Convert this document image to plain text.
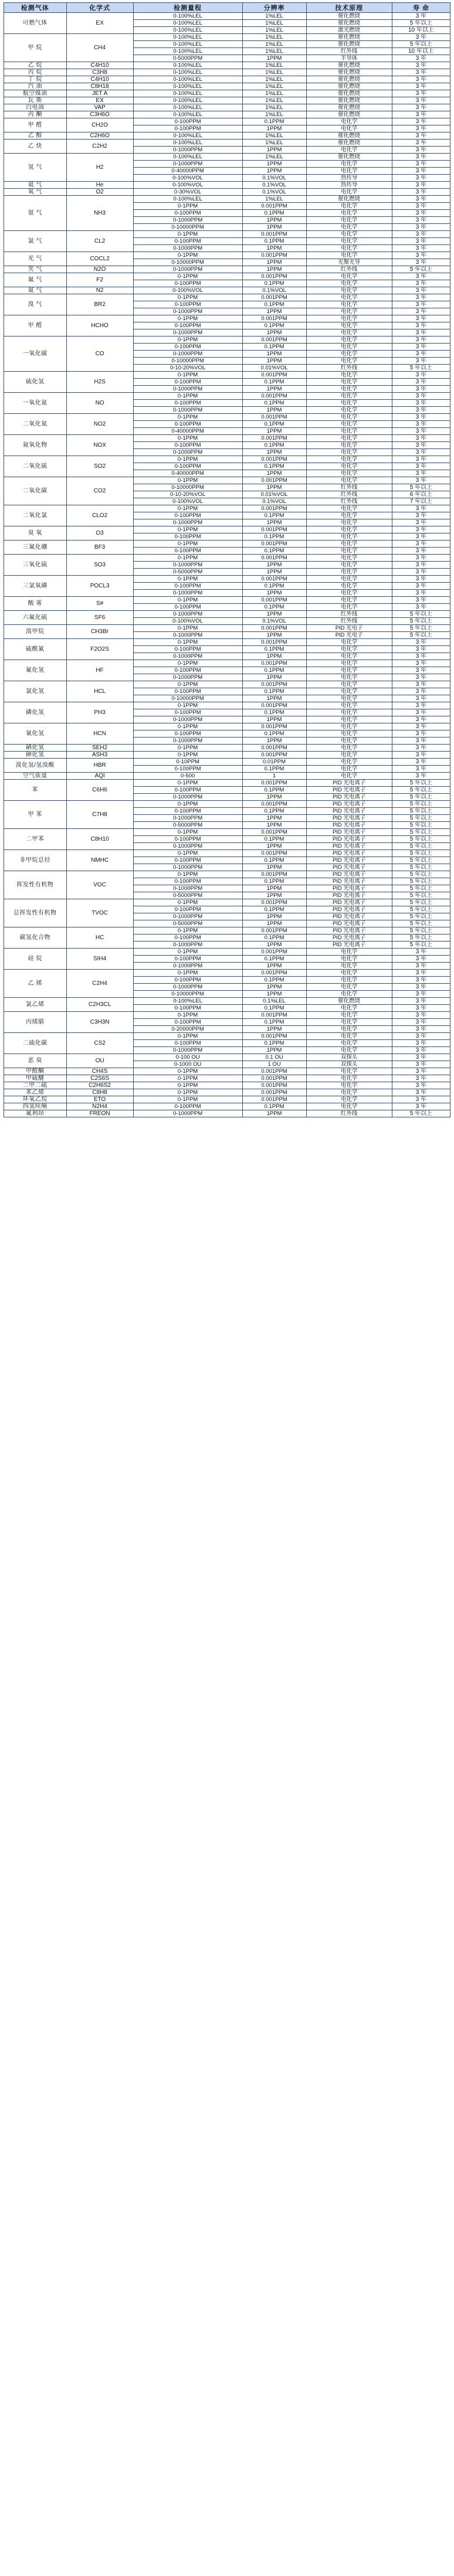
检测气体	化学式	检测量程	分辨率	技术原理	寿 命
可燃气体	EX	0-100%LEL	1%LEL	催化燃烧	3 年
		0-100%LEL	1%LEL	催化燃烧	5 年以上
		0-100%LEL	1%LEL	激光燃烧	10 年以上
甲 烷	CH4	0-100%LEL	1%LEL	催化燃烧	3 年
		0-100%LEL	1%LEL	催化燃烧	5 年以上
		0-100%LEL	1%LEL	红外线	10 年以上
		0-5000PPM	1PPM	半导体	3 年
乙 烷	C4H10	0-100%LEL	1%LEL	催化燃烧	3 年
丙 烷	C3H8	0-100%LEL	1%LEL	催化燃烧	3 年
丁 烷	C4H10	0-100%LEL	1%LEL	催化燃烧	3 年
汽 油	C8H18	0-100%LEL	1%LEL	催化燃烧	3 年
航空煤油	JET A	0-100%LEL	1%LEL	催化燃烧	3 年
瓦 斯	EX	0-100%LEL	1%LEL	催化燃烧	3 年
白电油	VAP	0-100%LEL	1%LEL	催化燃烧	3 年
丙 酮	C3H6O	0-100%LEL	1%LEL	催化燃烧	3 年
甲 醛	CH2O	0-100PPM	0.1PPM	电化学	3 年
		0-100PPM	1PPM	电化学	3 年
乙 醇	C2H6O	0-100%LEL	1%LEL	催化燃烧	3 年
乙 炔	C2H2	0-100%LEL	1%LEL	催化燃烧	3 年
		0-1000PPM	1PPM	电化学	3 年
氢 气	H2	0-100%LEL	1%LEL	催化燃烧	3 年
		0-1000PPM	1PPM	电化学	3 年
		0-40000PPM	1PPM	电化学	3 年
		0-100%VOL	0.1%VOL	热传导	3 年
氦 气	He	0-100%VOL	0.1%VOL	热传导	3 年
氧 气	O2	0-30%VOL	0.1%VOL	电化学	3 年
氨 气	NH3	0-100%LEL	1%LEL	催化燃烧	3 年
		0-1PPM	0.001PPM	电化学	3 年
		0-100PPM	0.1PPM	电化学	3 年
		0-1000PPM	1PPM	电化学	3 年
		0-10000PPM	1PPM	电化学	3 年
氯 气	CL2	0-1PPM	0.001PPM	电化学	3 年
		0-100PPM	0.1PPM	电化学	3 年
		0-1000PPM	1PPM	电化学	3 年
光 气	COCL2	0-1PPM	0.001PPM	电化学	3 年
		0-10000PPM	1PPM	光聚光导	3 年
笑 气	N2O	0-1000PPM	1PPM	红外线	5 年以上
氟 气	F2	0-1PPM	0.001PPM	电化学	3 年
		0-100PPM	0.1PPM	电化学	3 年
氮 气	N2	0-100%VOL	0.1%VOL	电化学	3 年
溴 气	BR2	0-1PPM	0.001PPM	电化学	3 年
		0-100PPM	0.1PPM	电化学	3 年
		0-1000PPM	1PPM	电化学	3 年
甲 醛	HCHO	0-1PPM	0.001PPM	电化学	3 年
		0-100PPM	0.1PPM	电化学	3 年
		0-1000PPM	1PPM	电化学	3 年
一氧化碳	CO	0-1PPM	0.001PPM	电化学	3 年
		0-100PPM	0.1PPM	电化学	3 年
		0-1000PPM	1PPM	电化学	3 年
		0-10000PPM	1PPM	电化学	3 年
		0-10-20%VOL	0.01%VOL	红外线	5 年以上
硫化氢	H2S	0-1PPM	0.001PPM	电化学	3 年
		0-100PPM	0.1PPM	电化学	3 年
		0-1000PPM	1PPM	电化学	3 年
一氧化氮	NO	0-1PPM	0.001PPM	电化学	3 年
		0-100PPM	0.1PPM	电化学	3 年
		0-1000PPM	1PPM	电化学	3 年
二氧化氮	NO2	0-1PPM	0.001PPM	电化学	3 年
		0-100PPM	0.1PPM	电化学	3 年
		0-40000PPM	1PPM	电化学	3 年
氮氧化物	NOX	0-1PPM	0.001PPM	电化学	3 年
		0-100PPM	0.1PPM	电化学	3 年
		0-1000PPM	1PPM	电化学	3 年
二氧化硫	SO2	0-1PPM	0.001PPM	电化学	3 年
		0-100PPM	0.1PPM	电化学	3 年
		0-40000PPM	1PPM	电化学	3 年
二氧化碳	CO2	0-1PPM	0.001PPM	电化学	3 年
		0-10000PPM	1PPM	红外线	5 年以上
		0-10-20%VOL	0.01%VOL	红外线	6 年以上
		0-100%VOL	0.1%VOL	红外线	7 年以上
二氧化氯	CLO2	0-1PPM	0.001PPM	电化学	3 年
		0-100PPM	0.1PPM	电化学	3 年
		0-1000PPM	1PPM	电化学	3 年
臭 氧	O3	0-1PPM	0.001PPM	电化学	3 年
		0-100PPM	0.1PPM	电化学	3 年
三氟化硼	BF3	0-1PPM	0.001PPM	电化学	3 年
		0-100PPM	0.1PPM	电化学	3 年
三氧化硫	SO3	0-1PPM	0.001PPM	电化学	3 年
		0-1000PPM	1PPM	电化学	3 年
		0-5000PPM	1PPM	电化学	3 年
三氯氧磷	POCL3	0-1PPM	0.001PPM	电化学	3 年
		0-100PPM	0.1PPM	电化学	3 年
		0-1000PPM	1PPM	电化学	3 年
酸 雾	S#	0-1PPM	0.001PPM	电化学	3 年
		0-100PPM	0.1PPM	电化学	3 年
六氟化硫	SF6	0-1000PPM	1PPM	红外线	5 年以上
		0-100%VOL	0.1%VOL	红外线	5 年以上
溴甲烷	CH3Br	0-1PPM	0.001PPM	PID 光电子	5 年以上
		0-1000PPM	1PPM	PID 光电子	5 年以上
硫酰氟	F2O2S	0-1PPM	0.001PPM	电化学	3 年
		0-100PPM	0.1PPM	电化学	3 年
		0-1000PPM	1PPM	电化学	3 年
氟化氢	HF	0-1PPM	0.001PPM	电化学	3 年
		0-100PPM	0.1PPM	电化学	3 年
		0-1000PPM	1PPM	电化学	3 年
氯化氢	HCL	0-1PPM	0.001PPM	电化学	3 年
		0-100PPM	0.1PPM	电化学	3 年
		0-10000PPM	1PPM	电化学	3 年
磷化氢	PH3	0-1PPM	0.001PPM	电化学	3 年
		0-100PPM	0.1PPM	电化学	3 年
		0-1000PPM	1PPM	电化学	3 年
氰化氢	HCN	0-1PPM	0.001PPM	电化学	3 年
		0-100PPM	0.1PPM	电化学	3 年
		0-1000PPM	1PPM	电化学	3 年
硒化氢	SEH2	0-1PPM	0.001PPM	电化学	3 年
砷化氢	ASH3	0-1PPM	0.001PPM	电化学	3 年
溴化氢/氢溴酸	HBR	0-10PPM	0.01PPM	电化学	3 年
		0-100PPM	0.1PPM	电化学	3 年
空气质量	AQI	0-500	1	电化学	3 年
苯	C6H6	0-1PPM	0.001PPM	PID 光电离子	5 年以上
		0-100PPM	0.1PPM	PID 光电离子	5 年以上
		0-1000PPM	1PPM	PID 光电离子	5 年以上
甲 苯	C7H8	0-1PPM	0.001PPM	PID 光电离子	5 年以上
		0-100PPM	0.1PPM	PID 光电离子	5 年以上
		0-1000PPM	1PPM	PID 光电离子	5 年以上
		0-5000PPM	1PPM	PID 光电离子	5 年以上
二甲苯	C8H10	0-1PPM	0.001PPM	PID 光电离子	5 年以上
		0-100PPM	0.1PPM	PID 光电离子	5 年以上
		0-1000PPM	1PPM	PID 光电离子	5 年以上
非甲烷总烃	NMHC	0-1PPM	0.001PPM	PID 光电离子	5 年以上
		0-100PPM	0.1PPM	PID 光电离子	5 年以上
		0-1000PPM	1PPM	PID 光电离子	5 年以上
挥发性有机物	VOC	0-1PPM	0.001PPM	PID 光电离子	5 年以上
		0-100PPM	0.1PPM	PID 光电离子	5 年以上
		0-1000PPM	1PPM	PID 光电离子	5 年以上
		0-5000PPM	1PPM	PID 光电离子	5 年以上
总挥发性有机物	TVOC	0-1PPM	0.001PPM	PID 光电离子	5 年以上
		0-100PPM	0.1PPM	PID 光电离子	5 年以上
		0-1000PPM	1PPM	PID 光电离子	5 年以上
		0-5000PPM	1PPM	PID 光电离子	5 年以上
碳氢化合物	HC	0-1PPM	0.001PPM	PID 光电离子	5 年以上
		0-100PPM	0.1PPM	PID 光电离子	5 年以上
		0-1000PPM	1PPM	PID 光电离子	5 年以上
硅 烷	SIH4	0-1PPM	0.001PPM	电化学	3 年
		0-100PPM	0.1PPM	电化学	3 年
		0-1000PPM	1PPM	电化学	3 年
乙 烯	C2H4	0-1PPM	0.001PPM	电化学	3 年
		0-100PPM	0.1PPM	电化学	3 年
		0-1000PPM	1PPM	电化学	3 年
		0-10000PPM	1PPM	电化学	3 年
氯乙烯	C2H3CL	0-100%LEL	0.1%LEL	催化燃烧	3 年
		0-100PPM	0.1PPM	电化学	3 年
丙烯腈	C3H3N	0-1PPM	0.001PPM	电化学	3 年
		0-100PPM	0.1PPM	电化学	3 年
		0-20000PPM	1PPM	电化学	3 年
二硫化碳	CS2	0-1PPM	0.001PPM	电化学	3 年
		0-100PPM	0.1PPM	电化学	3 年
		0-1000PPM	1PPM	电化学	3 年
恶 臭	OU	0-100 OU	0.1 OU	双探头	3 年
		0-1000 OU	1 OU	双探头	3 年
甲醛酮	CH4S	0-1PPM	0.001PPM	电化学	3 年
甲硫醚	C2S6S	0-1PPM	0.001PPM	电化学	3 年
二甲二硫	C2H6S2	0-1PPM	0.001PPM	电化学	3 年
苯乙烯	C8H8	0-1PPM	0.001PPM	电化学	3 年
环氧乙烷	ETO	0-1PPM	0.001PPM	电化学	3 年
四氢呋喃	N2H4	0-100PPM	0.1PPM	电化学	3 年
氟利昂	FREON	0-1000PPM	1PPM	红外线	5 年以上
